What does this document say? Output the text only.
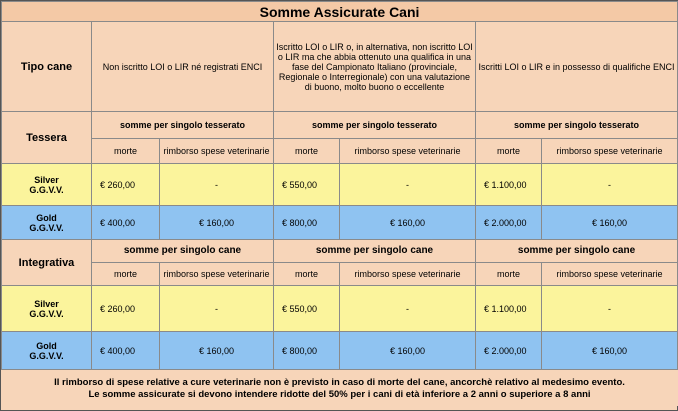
Somme Assicurate Cani						
Tipo cane	Non iscritto LOI o LIR né registrati ENCI		Iscritto LOI o LIR o, in alternativa, non iscritto LOI o LIR ma che abbia ottenuto una qualifica in una fase del Campionato Italiano (provinciale, Regionale o Interregionale) con una valutazione di buono, molto buono o eccellente		Iscritti LOI o LIR e in possesso di qualifiche ENCI	
Tessera	somme per singolo tesserato		somme per singolo tesserato		somme per singolo tesserato	
	morte	rimborso spese veterinarie	morte	rimborso spese veterinarie	morte	rimborso spese veterinarie
Silver
G.G.V.V.	€ 260,00	-	€ 550,00	-	€ 1.100,00	-
Gold
G.G.V.V.	€ 400,00	€ 160,00	€ 800,00	€ 160,00	€ 2.000,00	€ 160,00
Integrativa	somme per singolo cane		somme per singolo cane		somme per singolo cane	
	morte	rimborso spese veterinarie	morte	rimborso spese veterinarie	morte	rimborso spese veterinarie
Silver
G.G.V.V.	€ 260,00	-	€ 550,00	-	€ 1.100,00	-
Gold
G.G.V.V.	€ 400,00	€ 160,00	€ 800,00	€ 160,00	€ 2.000,00	€ 160,00

Il rimborso di spese relative a cure veterinarie non è previsto in caso di morte del cane, ancorchè relativo al medesimo evento.
Le somme assicurate si devono intendere ridotte del 50% per i cani di età inferiore a 2 anni o superiore a 8 anni						
